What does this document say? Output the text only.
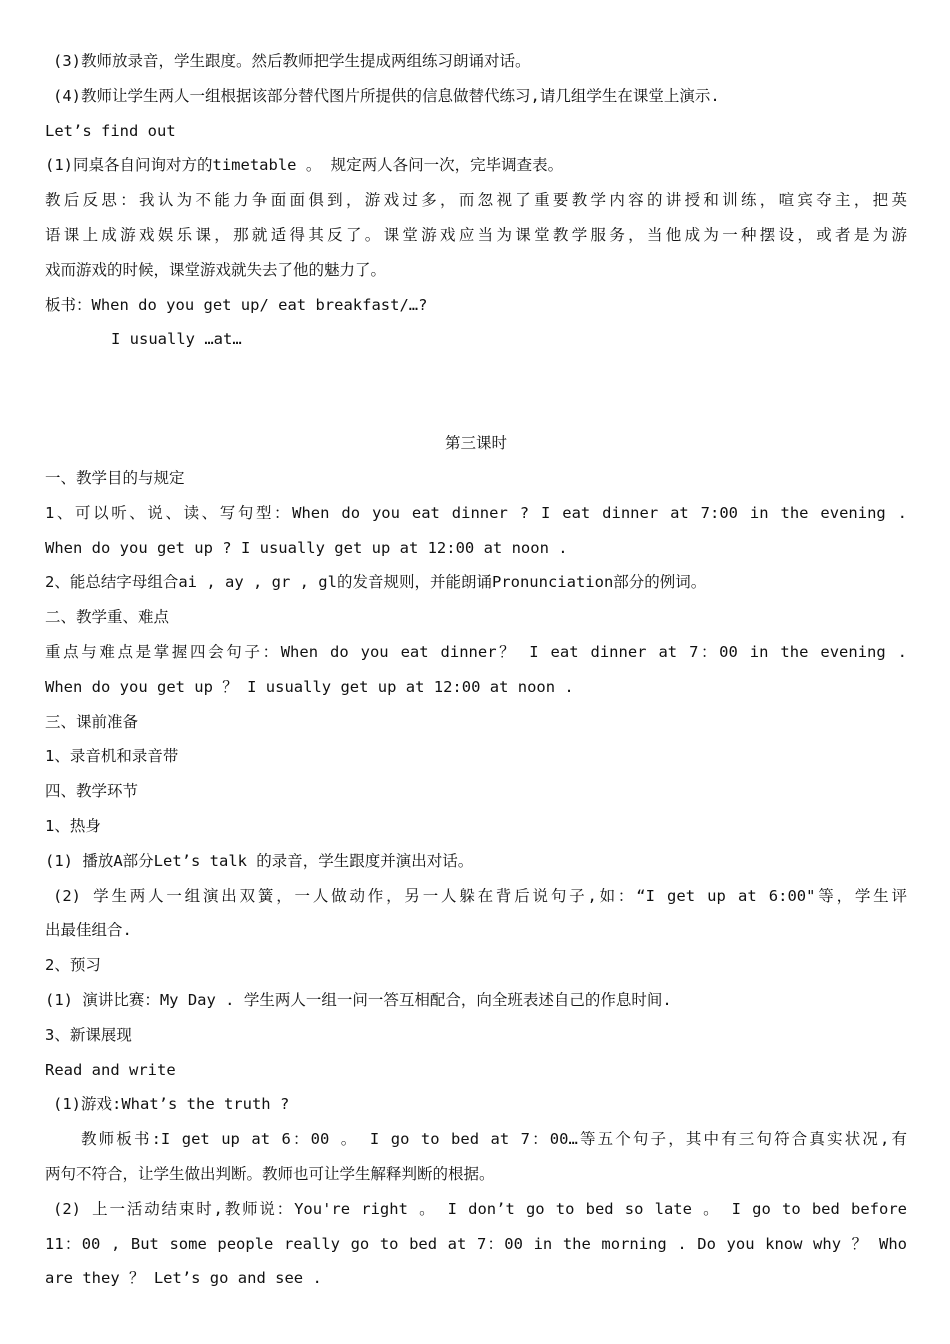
(3)教师放录音，学生跟度。然后教师把学生提成两组练习朗诵对话。
(4)教师让学生两人一组根据该部分替代图片所提供的信息做替代练习,请几组学生在课堂上演示.
Let’s find out
(1)同桌各自问询对方的timetable 。 规定两人各问一次，完毕调查表。
教后反思：我认为不能力争面面俱到，游戏过多，而忽视了重要教学内容的讲授和训练，喧宾夺主，把英
语课上成游戏娱乐课，那就适得其反了。课堂游戏应当为课堂教学服务，当他成为一种摆设，或者是为游
戏而游戏的时候，课堂游戏就失去了他的魅力了。
板书：When do you get up/ eat breakfast/…?
I usually …at…
第三课时
一、教学目的与规定
1、可以听、说、读、写句型：When do you eat dinner ? I eat dinner at 7:00 in the evening .
When do you get up ? I usually get up at 12:00 at noon .
2、能总结字母组合ai , ay , gr , gl的发音规则，并能朗诵Pronunciation部分的例词。
二、教学重、难点
重点与难点是掌握四会句子：When do you eat dinner？ I eat dinner at 7：00 in the evening .
When do you get up ？ I usually get up at 12:00 at noon .
三、课前准备
1、录音机和录音带
四、教学环节
1、热身
(1) 播放A部分Let’s talk 的录音，学生跟度并演出对话。
(2) 学生两人一组演出双簧，一人做动作，另一人躲在背后说句子,如：“I get up at 6:00"等，学生评
出最佳组合.
2、预习
(1) 演讲比赛：My Day . 学生两人一组一问一答互相配合，向全班表述自己的作息时间.
3、新课展现
Read and write
(1)游戏:What’s the truth ?
教师板书:I get up at 6：00 。 I go to bed at 7：00…等五个句子，其中有三句符合真实状况,有
两句不符合，让学生做出判断。教师也可让学生解释判断的根据。
(2) 上一活动结束时,教师说：You're right 。 I don’t go to bed so late 。 I go to bed before
11：00 , But some people really go to bed at 7：00 in the morning . Do you know why ？ Who
are they ？ Let’s go and see .
